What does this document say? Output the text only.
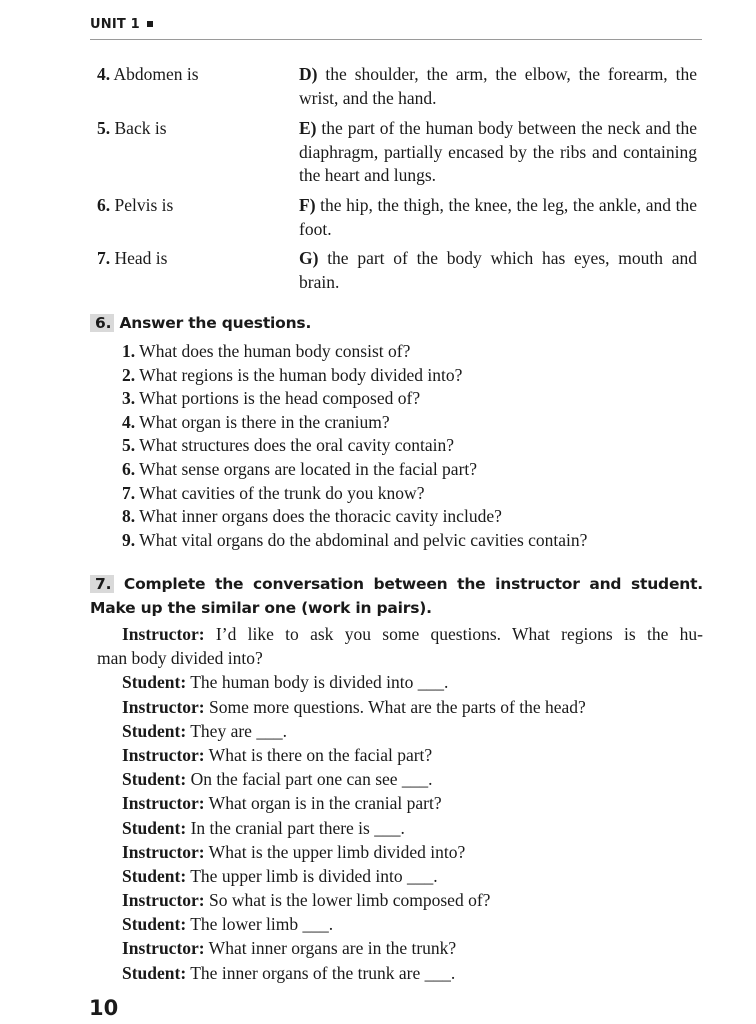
UNIT 1
4. Abdomen is	D) the shoulder, the arm, the elbow, the forearm, the wrist, and the hand.
5. Back is	E) the part of the human body between the neck and the diaphragm, partially encased by the ribs and containing the heart and lungs.
6. Pelvis is	F) the hip, the thigh, the knee, the leg, the ankle, and the foot.
7. Head is	G) the part of the body which has eyes, mouth and brain.
6. Answer the questions.
1. What does the human body consist of?
2. What regions is the human body divided into?
3. What portions is the head composed of?
4. What organ is there in the cranium?
5. What structures does the oral cavity contain?
6. What sense organs are located in the facial part?
7. What cavities of the trunk do you know?
8. What inner organs does the thoracic cavity include?
9. What vital organs do the abdominal and pelvic cavities contain?
7. Complete the conversation between the instructor and student.
Make up the similar one (work in pairs).
Instructor: I’d like to ask you some questions. What regions is the hu-
man body divided into?
Student: The human body is divided into ___.
Instructor: Some more questions. What are the parts of the head?
Student: They are ___.
Instructor: What is there on the facial part?
Student: On the facial part one can see ___.
Instructor: What organ is in the cranial part?
Student: In the cranial part there is ___.
Instructor: What is the upper limb divided into?
Student: The upper limb is divided into ___.
Instructor: So what is the lower limb composed of?
Student: The lower limb ___.
Instructor: What inner organs are in the trunk?
Student: The inner organs of the trunk are ___.
10
